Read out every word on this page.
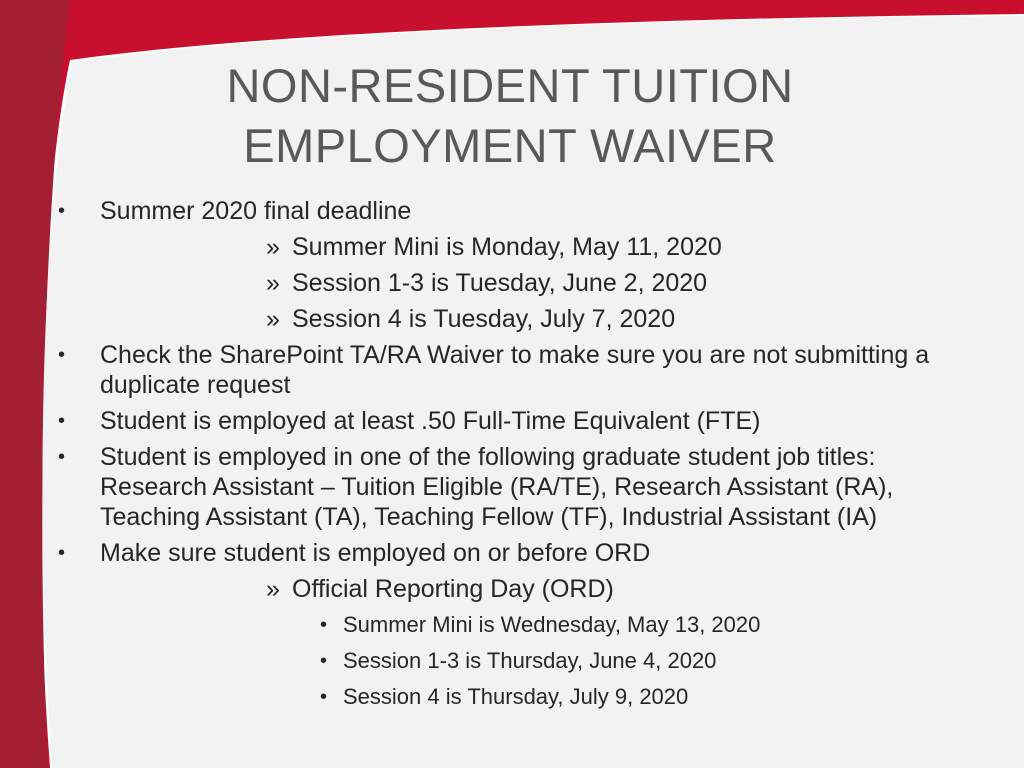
NON-RESIDENT TUITION
EMPLOYMENT WAIVER
•	Summer 2020 final deadline
» Summer Mini is Monday, May 11, 2020
» Session 1-3 is Tuesday, June 2, 2020
» Session 4 is Tuesday, July 7, 2020
•	Check the SharePoint TA/RA Waiver to make sure you are not submitting a duplicate request
•	Student is employed at least .50 Full-Time Equivalent (FTE)
•	Student is employed in one of the following graduate student job titles: Research Assistant – Tuition Eligible (RA/TE), Research Assistant (RA), Teaching Assistant (TA), Teaching Fellow (TF), Industrial Assistant (IA)
•	Make sure student is employed on or before ORD
» Official Reporting Day (ORD)
• Summer Mini is Wednesday, May 13, 2020
• Session 1-3 is Thursday, June 4, 2020
• Session 4 is Thursday, July 9, 2020
